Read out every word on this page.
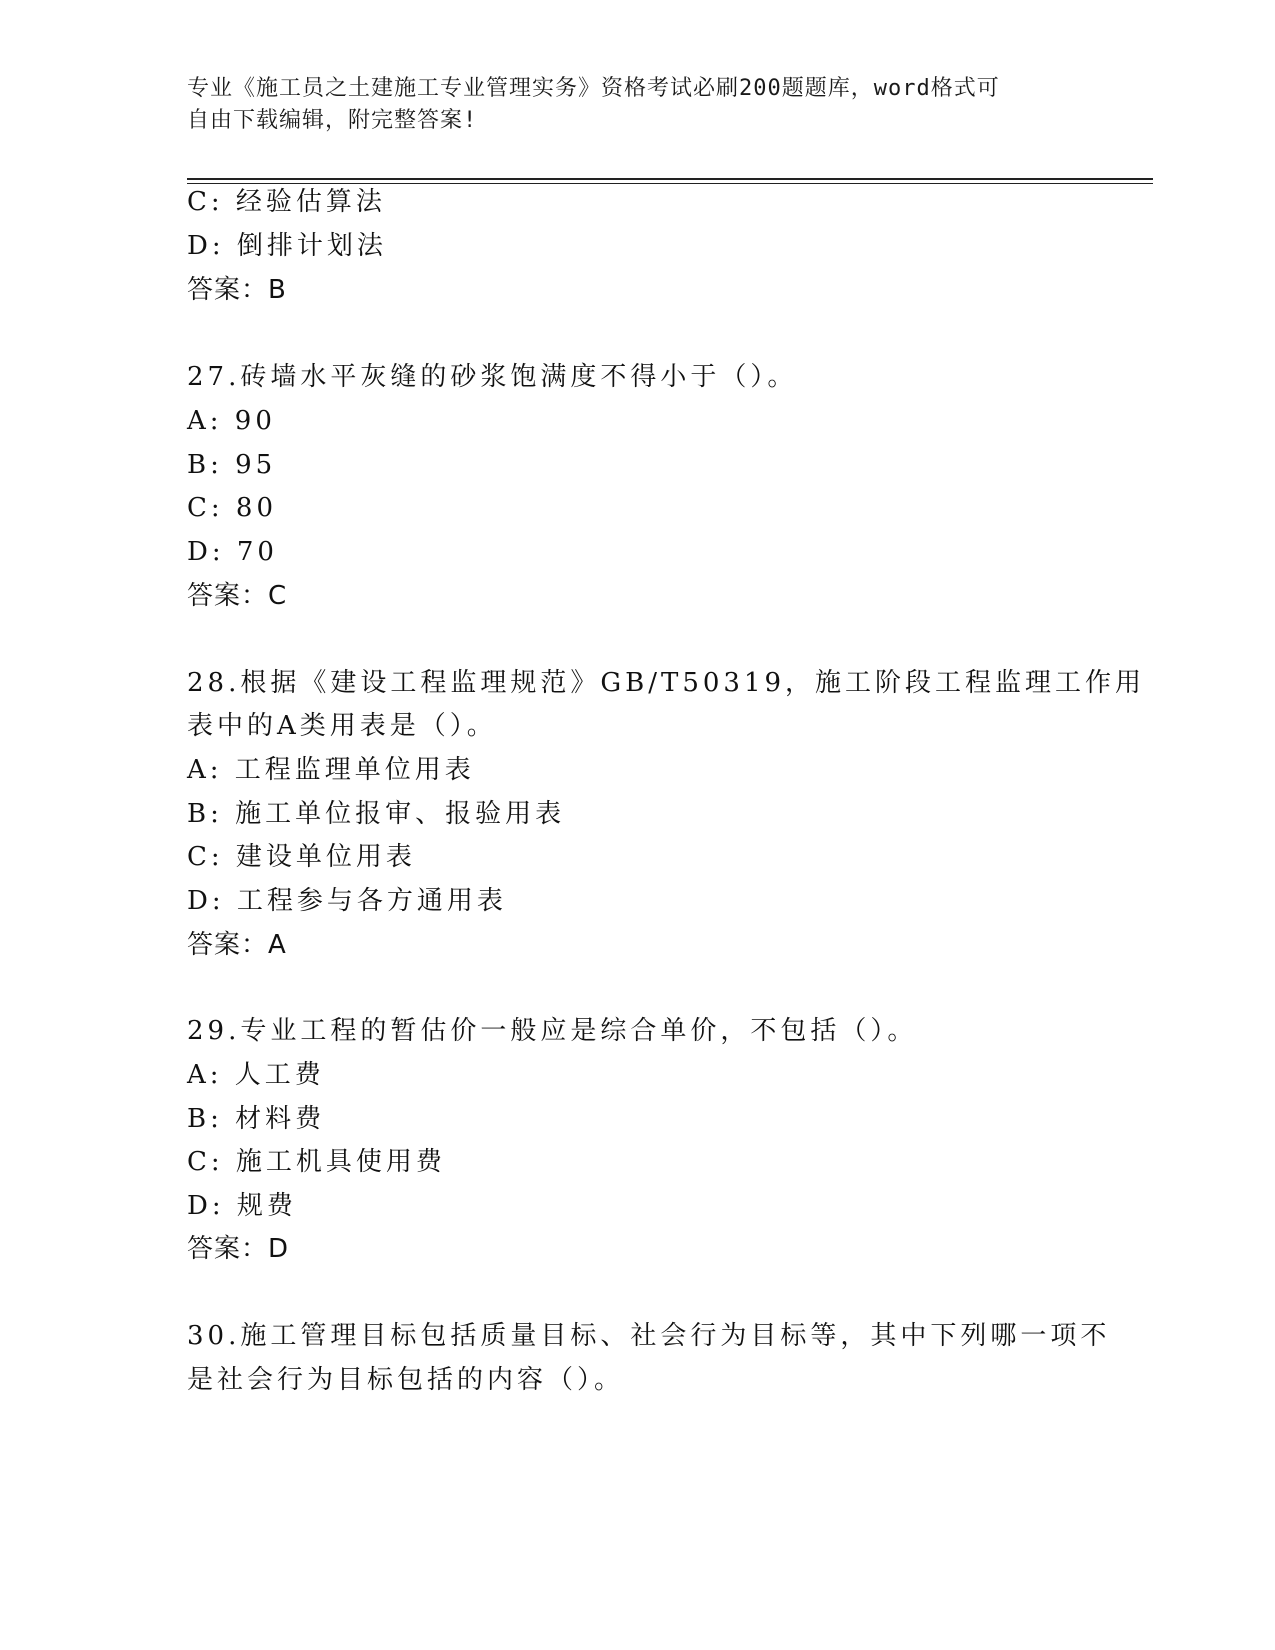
专业《施工员之土建施工专业管理实务》资格考试必刷200题题库，word格式可
自由下载编辑，附完整答案!
C: 经验估算法
D: 倒排计划法
答案：B
27.砖墙水平灰缝的砂浆饱满度不得小于（）。
A: 90
B: 95
C: 80
D: 70
答案：C
28.根据《建设工程监理规范》GB/T50319，施工阶段工程监理工作用
表中的A类用表是（）。
A: 工程监理单位用表
B: 施工单位报审、报验用表
C: 建设单位用表
D: 工程参与各方通用表
答案：A
29.专业工程的暂估价一般应是综合单价，不包括（）。
A: 人工费
B: 材料费
C: 施工机具使用费
D: 规费
答案：D
30.施工管理目标包括质量目标、社会行为目标等，其中下列哪一项不
是社会行为目标包括的内容（）。
